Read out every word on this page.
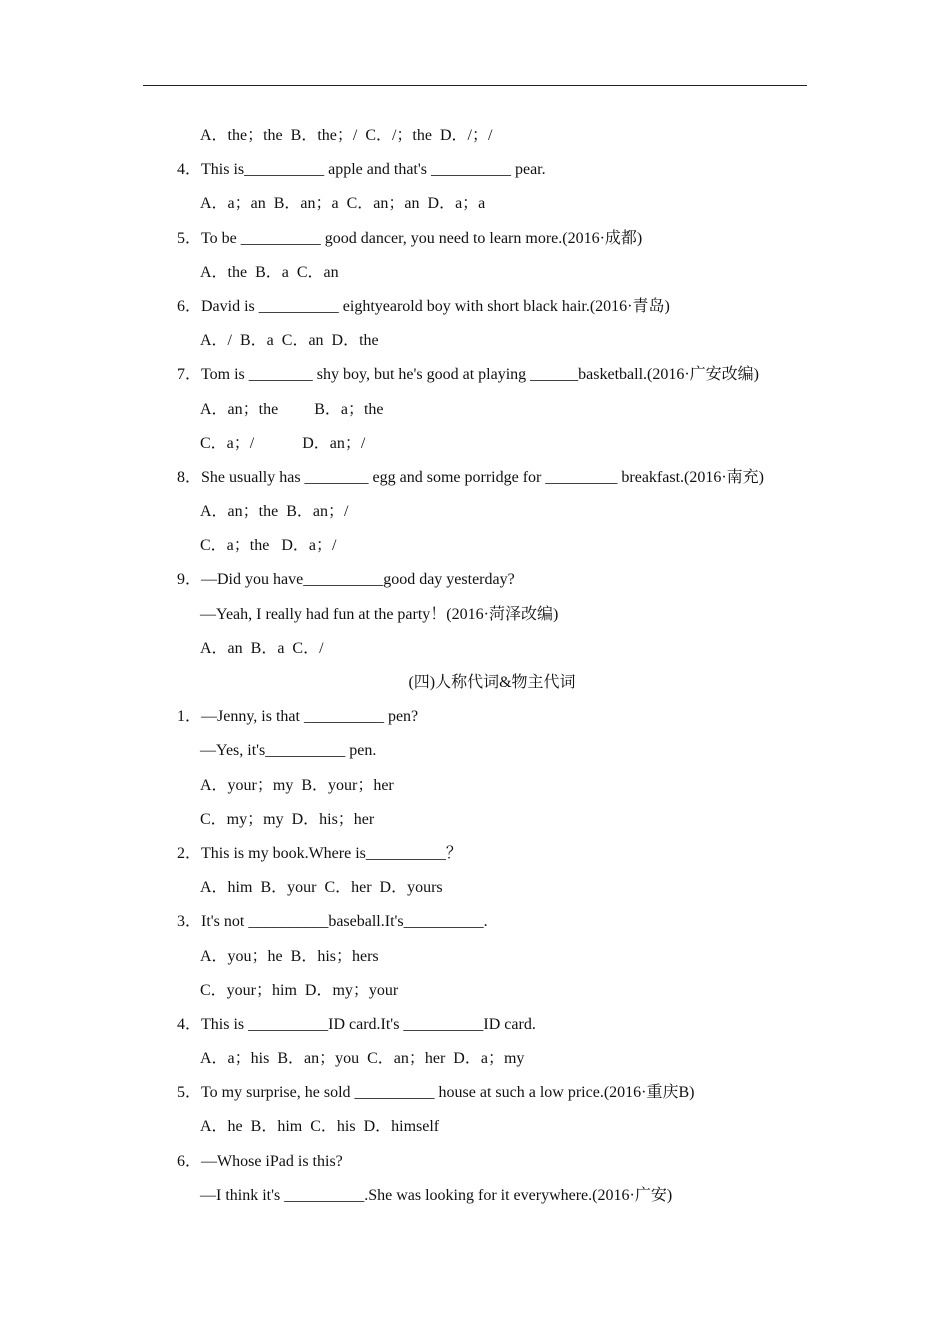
A．the；the  B．the；/  C．/；the  D．/；/
4．This is__________ apple and that's __________ pear.
A．a；an  B．an；a  C．an；an  D．a；a
5．To be __________ good dancer, you need to learn more.(2016·成都)
A．the  B．a  C．an
6．David is __________ eightyearold boy with short black hair.(2016·青岛)
A．/  B．a  C．an  D．the
7．Tom is ________ shy boy, but he's good at playing ______basketball.(2016·广安改编)
A．an；the         B．a；the
C．a；/            D．an；/
8．She usually has ________ egg and some porridge for _________ breakfast.(2016·南充)
A．an；the  B．an；/
C．a；the   D．a；/
9．—Did you have__________good day yesterday?
—Yeah, I really had fun at the party！(2016·菏泽改编)
A．an  B．a  C．/
(四)人称代词&物主代词
1．—Jenny, is that __________ pen?
—Yes, it's__________ pen.
A．your；my  B．your；her
C．my；my  D．his；her
2．This is my book.Where is__________？
A．him  B．your  C．her  D．yours
3．It's not __________baseball.It's__________.
A．you；he  B．his；hers
C．your；him  D．my；your
4．This is __________ID card.It's __________ID card.
A．a；his  B．an；you  C．an；her  D．a；my
5．To my surprise, he sold __________ house at such a low price.(2016·重庆B)
A．he  B．him  C．his  D．himself
6．—Whose iPad is this?
—I think it's __________.She was looking for it everywhere.(2016·广安)
